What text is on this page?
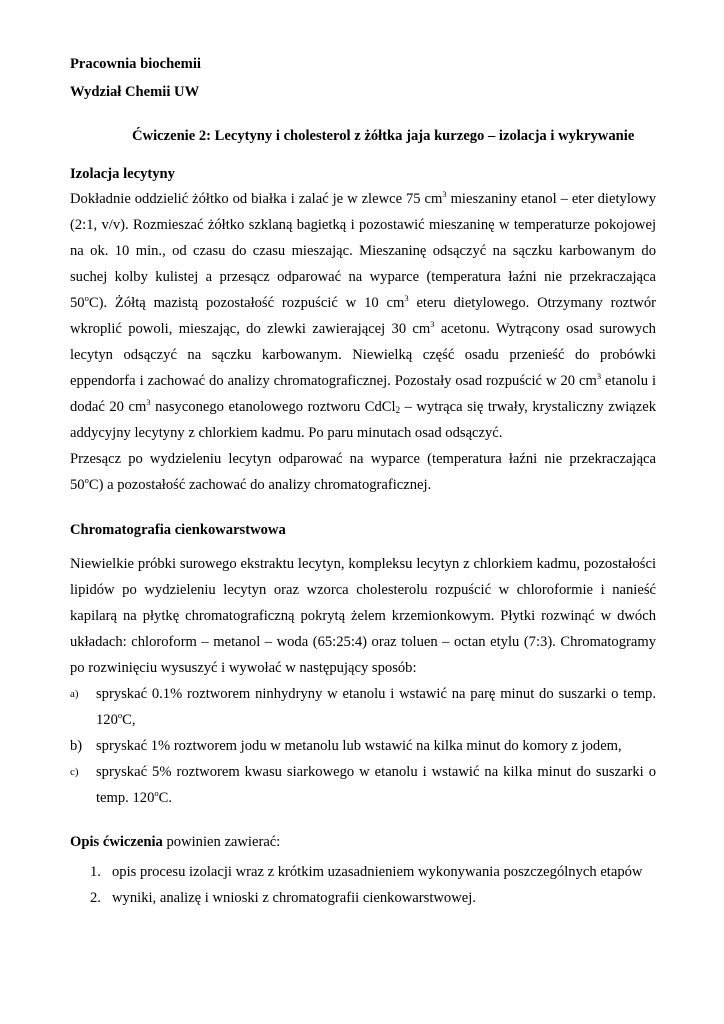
Pracownia biochemii
Wydział Chemii UW
Ćwiczenie 2: Lecytyny i cholesterol z żółtka jaja kurzego – izolacja i wykrywanie
Izolacja lecytyny
Dokładnie oddzielić żółtko od białka i zalać je w zlewce 75 $cm^3$ mieszaniny etanol – eter dietylowy
(2:1, v/v). Rozmieszać żółtko szklaną bagietką i pozostawić mieszaninę w temperaturze pokojowej
na ok. 10 min., od czasu do czasu mieszając. Mieszaninę odsączyć na sączku karbowanym do
suchej kolby kulistej a przesącz odparować na wyparce (temperatura łaźni nie przekraczająca
50$^o$C). Żółtą mazistą pozostałość rozpuścić w 10 $cm^3$ eteru dietylowego. Otrzymany roztwór
wkroplić powoli, mieszając, do zlewki zawierającej 30 $cm^3$ acetonu. Wytrącony osad surowych
lecytyn odsączyć na sączku karbowanym. Niewielką część osadu przenieść do probówki
eppendorfa i zachować do analizy chromatograficznej. Pozostały osad rozpuścić w 20 $cm^3$ etanolu i
dodać 20 $cm^3$ nasyconego etanolowego roztworu CdCl$_2$ – wytrąca się trwały, krystaliczny związek
addycyjny lecytyny z chlorkiem kadmu. Po paru minutach osad odsączyć.
Przesącz po wydzieleniu lecytyn odparować na wyparce (temperatura łaźni nie przekraczająca
50$^o$C) a pozostałość zachować do analizy chromatograficznej.
Chromatografia cienkowarstwowa
Niewielkie próbki surowego ekstraktu lecytyn, kompleksu lecytyn z chlorkiem kadmu, pozostałości
lipidów po wydzieleniu lecytyn oraz wzorca cholesterolu rozpuścić w chloroformie i nanieść
kapilarą na płytkę chromatograficzną pokrytą żelem krzemionkowym. Płytki rozwinąć w dwóch
układach: chloroform – metanol – woda (65:25:4) oraz toluen – octan etylu (7:3). Chromatogramy
po rozwinięciu wysuszyć i wywołać w następujący sposób:
a) spryskać 0.1% roztworem ninhydryny w etanolu i wstawić na parę minut do suszarki o temp.
120$^o$C,
b) spryskać 1% roztworem jodu w metanolu lub wstawić na kilka minut do komory z jodem,
c) spryskać 5% roztworem kwasu siarkowego w etanolu i wstawić na kilka minut do suszarki o
temp. 120$^o$C.
Opis ćwiczenia powinien zawierać:
1. opis procesu izolacji wraz z krótkim uzasadnieniem wykonywania poszczególnych etapów
2. wyniki, analizę i wnioski z chromatografii cienkowarstwowej.
